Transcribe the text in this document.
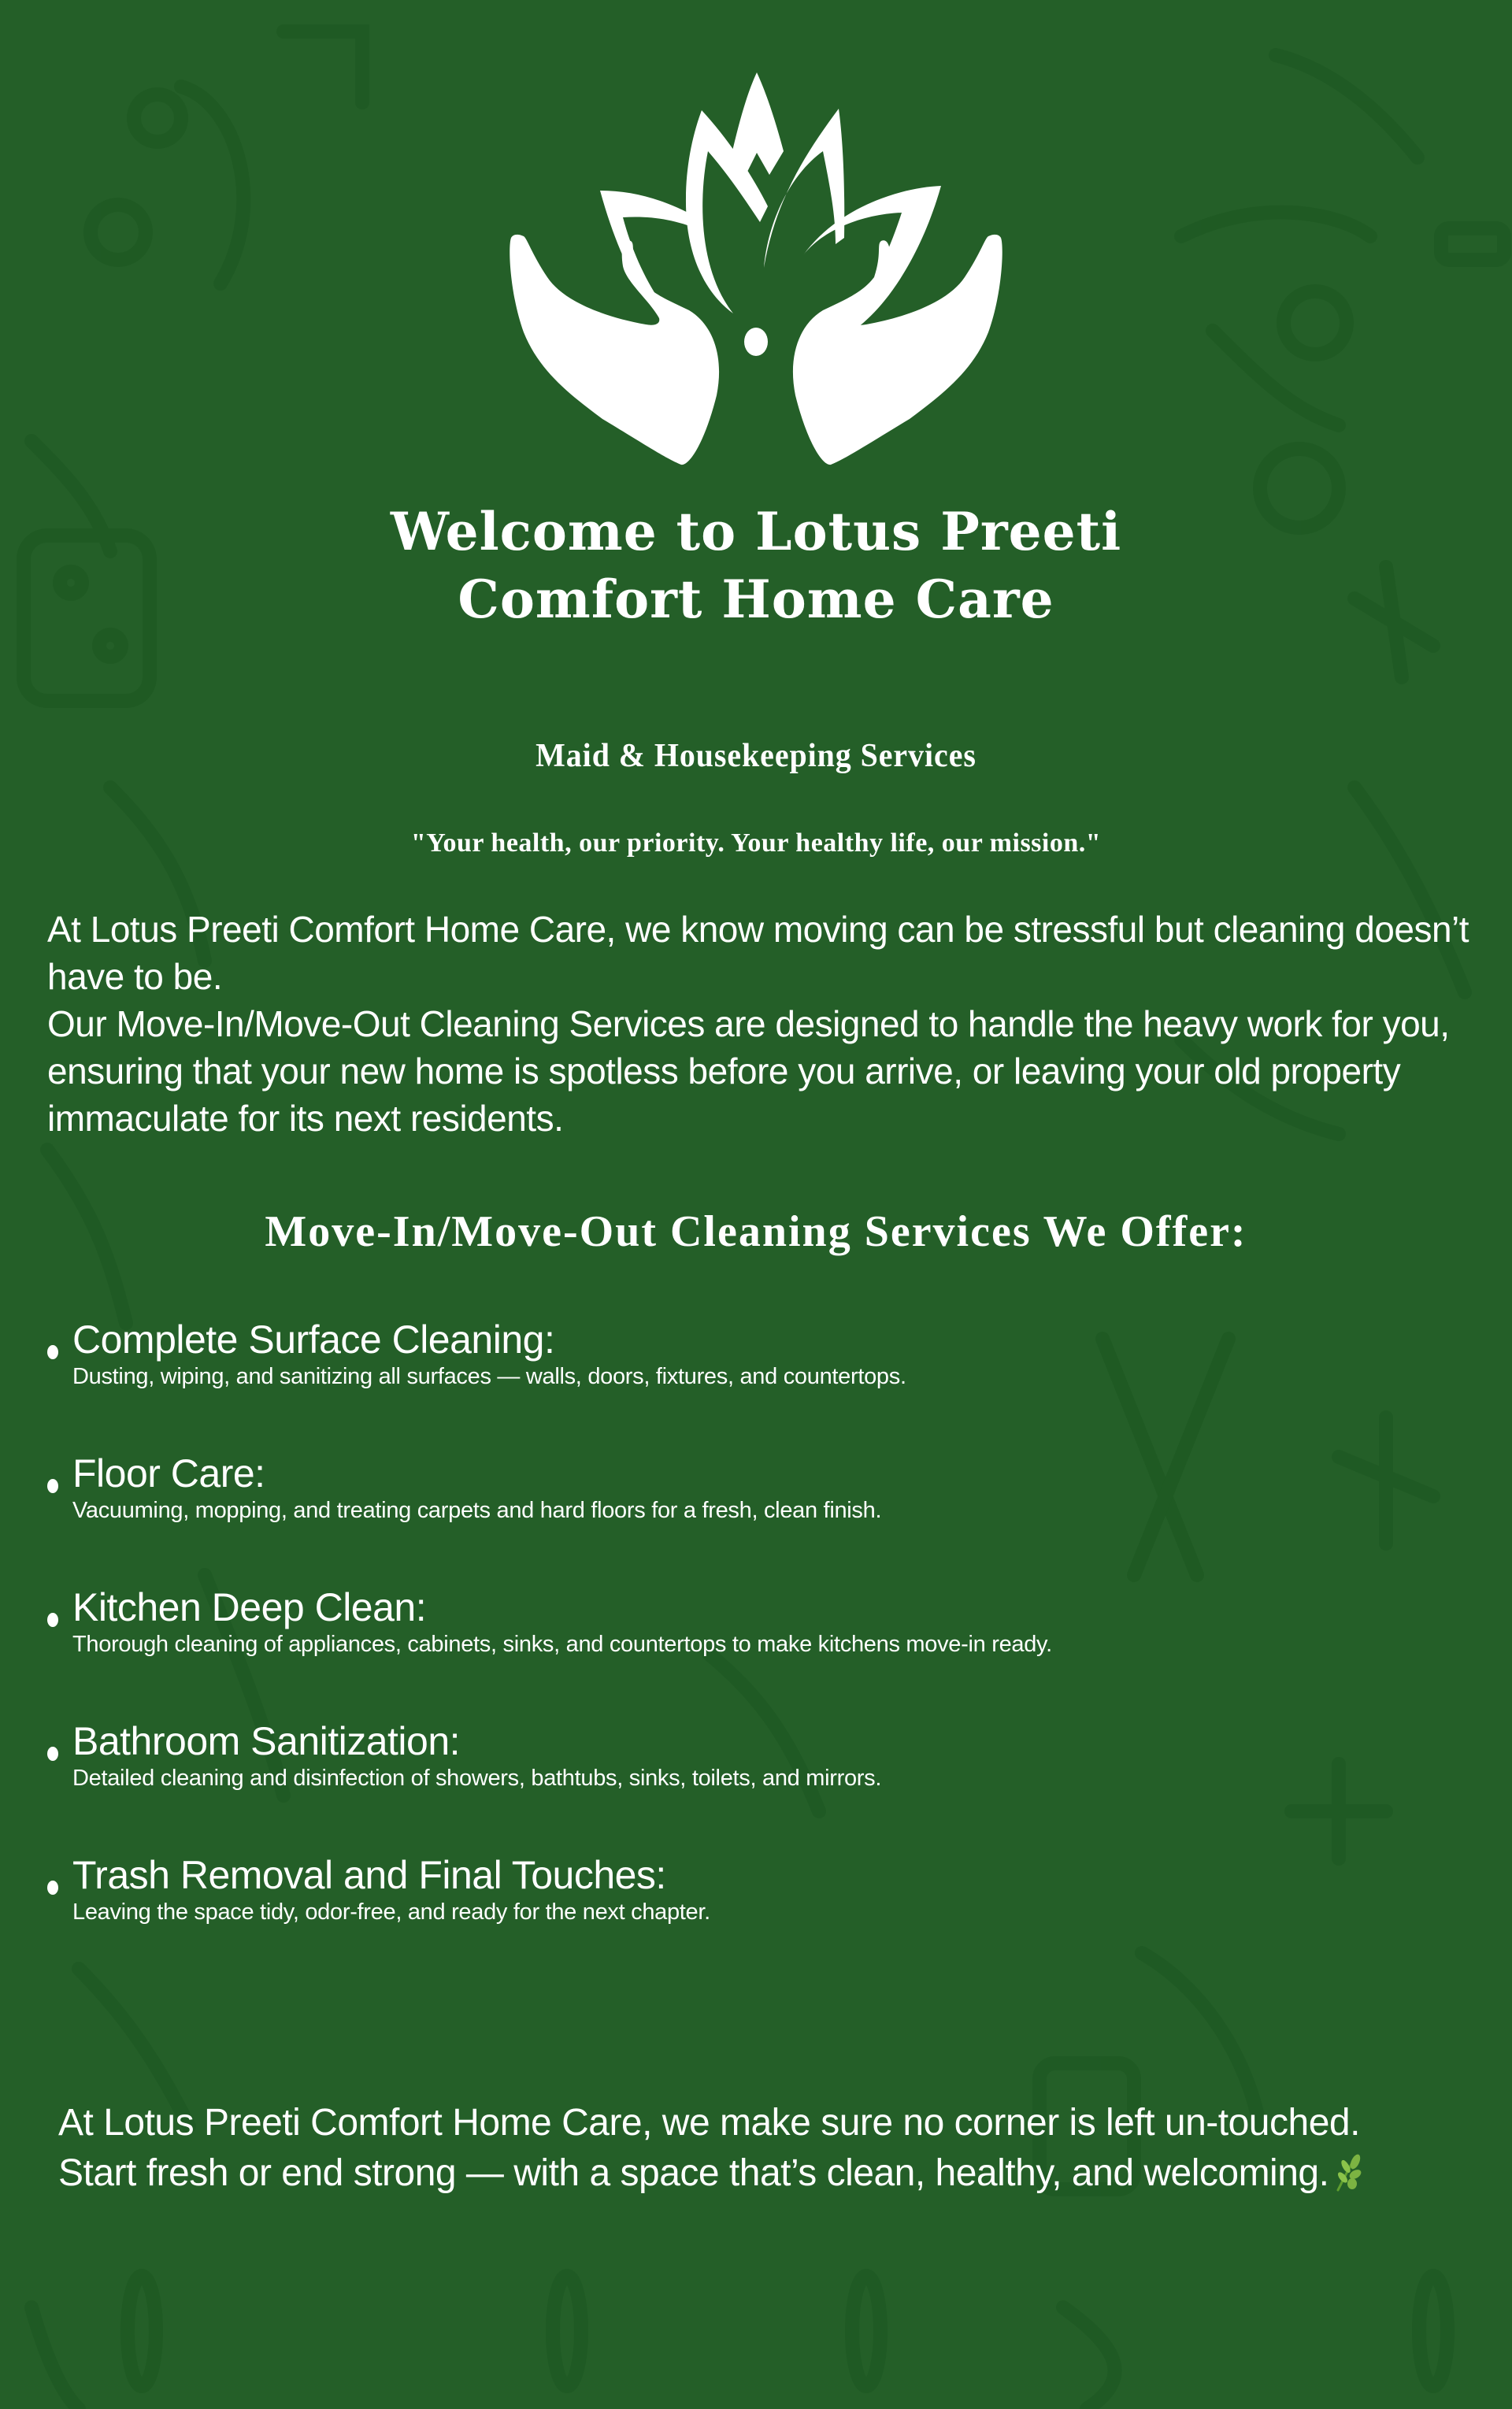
Welcome to Lotus Preeti
Comfort Home Care
Maid & Housekeeping Services
"Your health, our priority. Your healthy life, our mission."

At Lotus Preeti Comfort Home Care, we know moving can be stressful but cleaning doesn’t have to be.

Our Move-In/Move-Out Cleaning Services are designed to handle the heavy work for you, ensuring that your new home is spotless before you arrive, or leaving your old property immaculate for its next residents.

Move-In/Move-Out Cleaning Services We Offer:
Complete Surface Cleaning:
Dusting, wiping, and sanitizing all surfaces — walls, doors, fixtures, and countertops.
Floor Care:
Vacuuming, mopping, and treating carpets and hard floors for a fresh, clean finish.
Kitchen Deep Clean:
Thorough cleaning of appliances, cabinets, sinks, and countertops to make kitchens move-in ready.
Bathroom Sanitization:
Detailed cleaning and disinfection of showers, bathtubs, sinks, toilets, and mirrors.
Trash Removal and Final Touches:
Leaving the space tidy, odor-free, and ready for the next chapter.

At Lotus Preeti Comfort Home Care, we make sure no corner is left un-touched.

Start fresh or end strong — with a space that’s clean, healthy, and welcoming.
